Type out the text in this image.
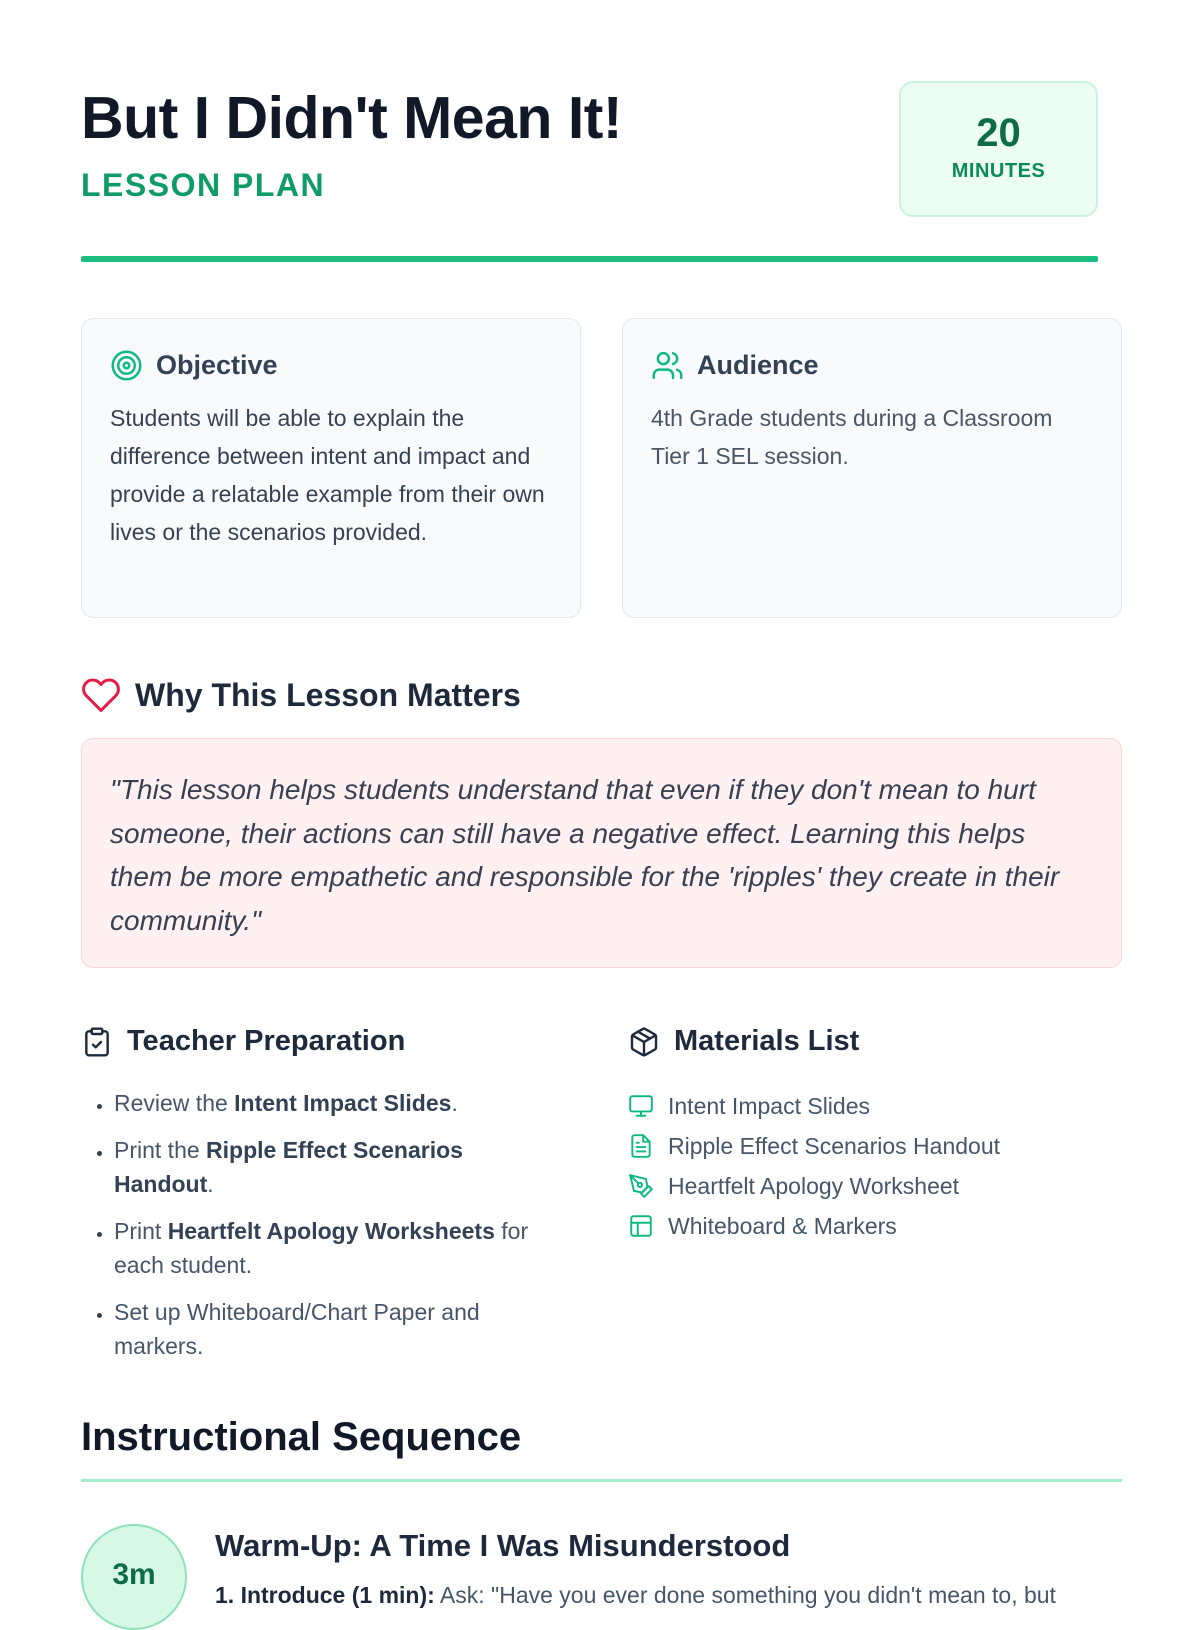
But I Didn't Mean It!
LESSON PLAN
20
MINUTES
Objective

Students will be able to explain the difference between intent and impact and provide a relatable example from their own lives or the scenarios provided.

Audience

4th Grade students during a Classroom Tier 1 SEL session.

Why This Lesson Matters

"This lesson helps students understand that even if they don't mean to hurt someone, their actions can still have a negative effect. Learning this helps them be more empathetic and responsible for the 'ripples' they create in their community."

Teacher Preparation
• Review the Intent Impact Slides.
• Print the Ripple Effect Scenarios Handout.
• Print Heartfelt Apology Worksheets for each student.
• Set up Whiteboard/Chart Paper and markers.
Materials List
Intent Impact Slides
Ripple Effect Scenarios Handout
Heartfelt Apology Worksheet
Whiteboard & Markers
Instructional Sequence
3m
Warm-Up: A Time I Was Misunderstood
1. Introduce (1 min): Ask: "Have you ever done something you didn't mean to, but
